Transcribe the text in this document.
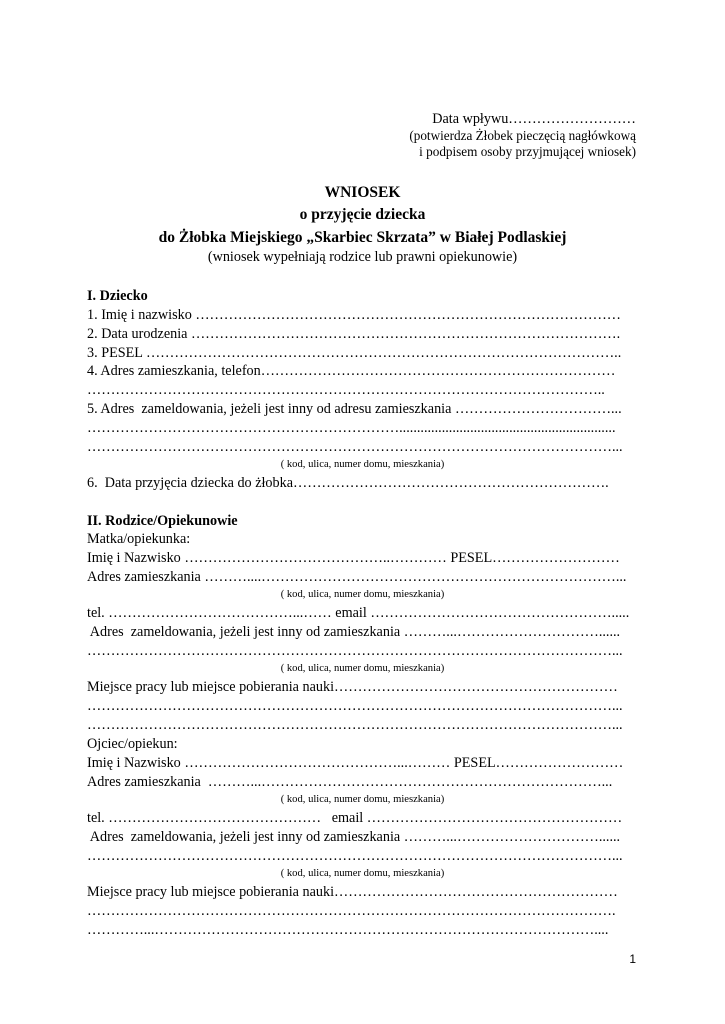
Data wpływu………………………
(potwierdza Żłobek pieczęcią nagłówkową
i podpisem osoby przyjmującej wniosek)
WNIOSEK
o przyjęcie dziecka
do Żłobka Miejskiego „Skarbiec Skrzata” w Białej Podlaskiej
(wniosek wypełniają rodzice lub prawni opiekunowie)
I. Dziecko
1. Imię i nazwisko ………………………………………………………………………………
2. Data urodzenia ……………………………………………………………………………….
3. PESEL ………………………………………………………………………………………..
4. Adres zamieszkania, telefon…………………………………………………………………
………………………………………………………………………………………………..
5. Adres  zameldowania, jeżeli jest inny od adresu zamieszkania ……………………………...
………………………………………………………….............................................................
…………………………………………………………………………………………………...
( kod, ulica, numer domu, mieszkania)
6.  Data przyjęcia dziecka do żłobka………………………………………………………….
II. Rodzice/Opiekunowie
Matka/opiekunka:
Imię i Nazwisko ……………………………………..………… PESEL………………………
Adres zamieszkania ………....…………………………………………………………………...
( kod, ulica, numer domu, mieszkania)
tel. …………………………………...…… email …………………………………………….....
Adres  zameldowania, jeżeli jest inny od zamieszkania ………...…………………………......
…………………………………………………………………………………………………...
( kod, ulica, numer domu, mieszkania)
Miejsce pracy lub miejsce pobierania nauki……………………………………………………
…………………………………………………………………………………………………...
…………………………………………………………………………………………………...
Ojciec/opiekun:
Imię i Nazwisko ………………………………………...……… PESEL………………………
Adres zamieszkania  ………...………………………………………………………………...
( kod, ulica, numer domu, mieszkania)
tel. ………………………………………   email ………………………………………………
Adres  zameldowania, jeżeli jest inny od zamieszkania ………...…………………………......
…………………………………………………………………………………………………...
( kod, ulica, numer domu, mieszkania)
Miejsce pracy lub miejsce pobierania nauki……………………………………………………
………………………………………………………………………………………………….
…………...…………………………………………………………………………………....
1
